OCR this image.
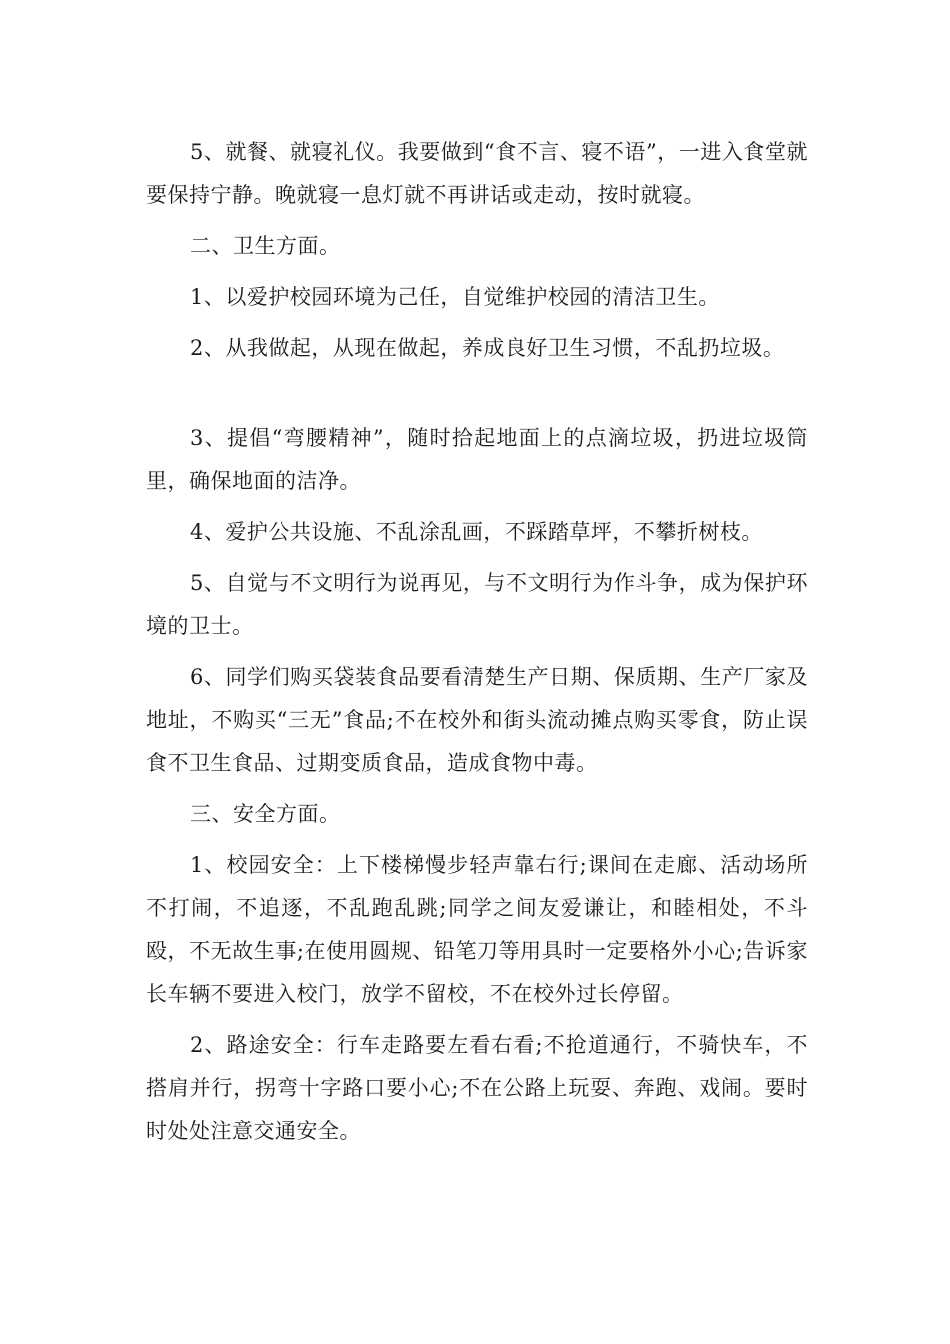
5、就餐、就寝礼仪。我要做到“食不言、寝不语”，一进入食堂就要保持宁静。晚就寝一息灯就不再讲话或走动，按时就寝。

二、卫生方面。

1、以爱护校园环境为己任，自觉维护校园的清洁卫生。

2、从我做起，从现在做起，养成良好卫生习惯，不乱扔垃圾。

3、提倡“弯腰精神”，随时拾起地面上的点滴垃圾，扔进垃圾筒里，确保地面的洁净。

4、爱护公共设施、不乱涂乱画，不踩踏草坪，不攀折树枝。

5、自觉与不文明行为说再见，与不文明行为作斗争，成为保护环境的卫士。

6、同学们购买袋装食品要看清楚生产日期、保质期、生产厂家及地址，不购买“三无”食品;不在校外和街头流动摊点购买零食，防止误食不卫生食品、过期变质食品，造成食物中毒。

三、安全方面。

1、校园安全：上下楼梯慢步轻声靠右行;课间在走廊、活动场所不打闹，不追逐，不乱跑乱跳;同学之间友爱谦让，和睦相处，不斗殴，不无故生事;在使用圆规、铅笔刀等用具时一定要格外小心;告诉家长车辆不要进入校门，放学不留校，不在校外过长停留。

2、路途安全：行车走路要左看右看;不抢道通行，不骑快车，不搭肩并行，拐弯十字路口要小心;不在公路上玩耍、奔跑、戏闹。要时时处处注意交通安全。
